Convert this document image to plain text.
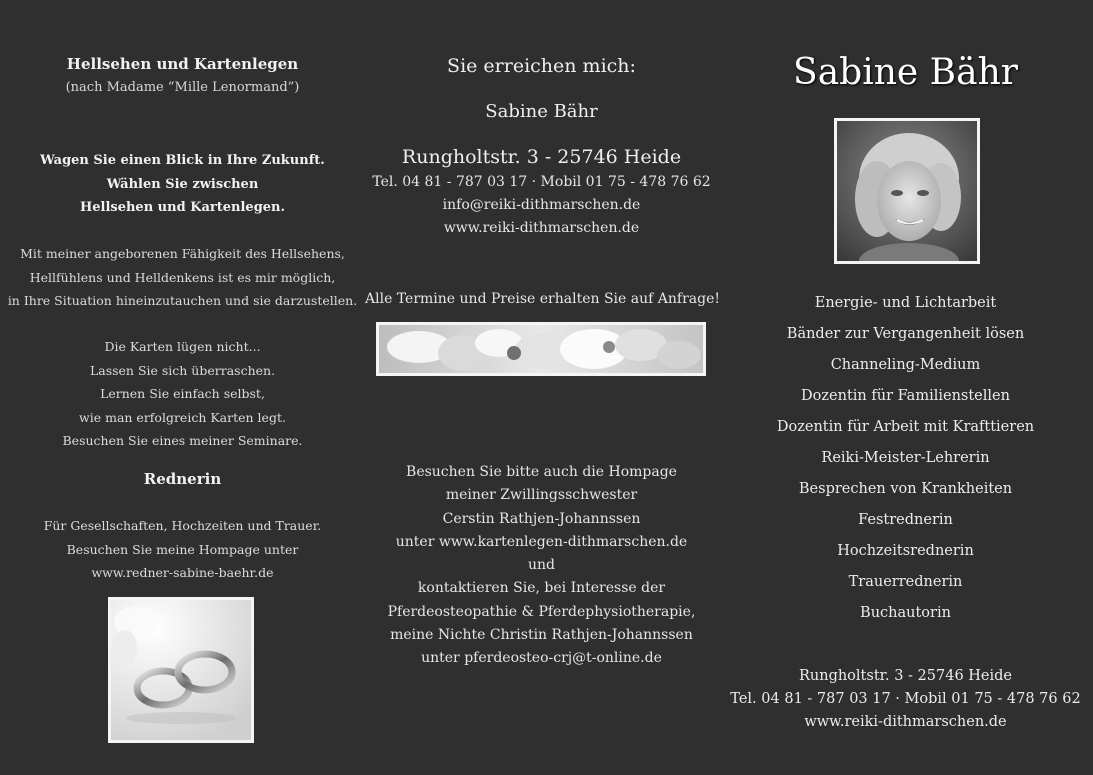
Hellsehen und Kartenlegen
(nach Madame “Mille Lenormand”)
Wagen Sie einen Blick in Ihre Zukunft.
Wählen Sie zwischen
Hellsehen und Kartenlegen.
Mit meiner angeborenen Fähigkeit des Hellsehens,
Hellfühlens und Helldenkens ist es mir möglich,
in Ihre Situation hineinzutauchen und sie darzustellen.
Die Karten lügen nicht...
Lassen Sie sich überraschen.
Lernen Sie einfach selbst,
wie man erfolgreich Karten legt.
Besuchen Sie eines meiner Seminare.
Rednerin
Für Gesellschaften, Hochzeiten und Trauer.
Besuchen Sie meine Hompage unter
www.redner-sabine-baehr.de
Sie erreichen mich:
Sabine Bähr
Rungholtstr. 3 - 25746 Heide
Tel. 04 81 - 787 03 17 · Mobil 01 75 - 478 76 62
info@reiki-dithmarschen.de
www.reiki-dithmarschen.de
Alle Termine und Preise erhalten Sie auf Anfrage!
Besuchen Sie bitte auch die Hompage
meiner Zwillingsschwester
Cerstin Rathjen-Johannssen
unter www.kartenlegen-dithmarschen.de
und
kontaktieren Sie, bei Interesse der
Pferdeosteopathie & Pferdephysiotherapie,
meine Nichte Christin Rathjen-Johannssen
unter pferdeosteo-crj@t-online.de
Sabine Bähr
Energie- und Lichtarbeit
Bänder zur Vergangenheit lösen
Channeling-Medium
Dozentin für Familienstellen
Dozentin für Arbeit mit Krafttieren
Reiki-Meister-Lehrerin
Besprechen von Krankheiten
Festrednerin
Hochzeitsrednerin
Trauerrednerin
Buchautorin
Rungholtstr. 3 - 25746 Heide
Tel. 04 81 - 787 03 17 · Mobil 01 75 - 478 76 62
www.reiki-dithmarschen.de
